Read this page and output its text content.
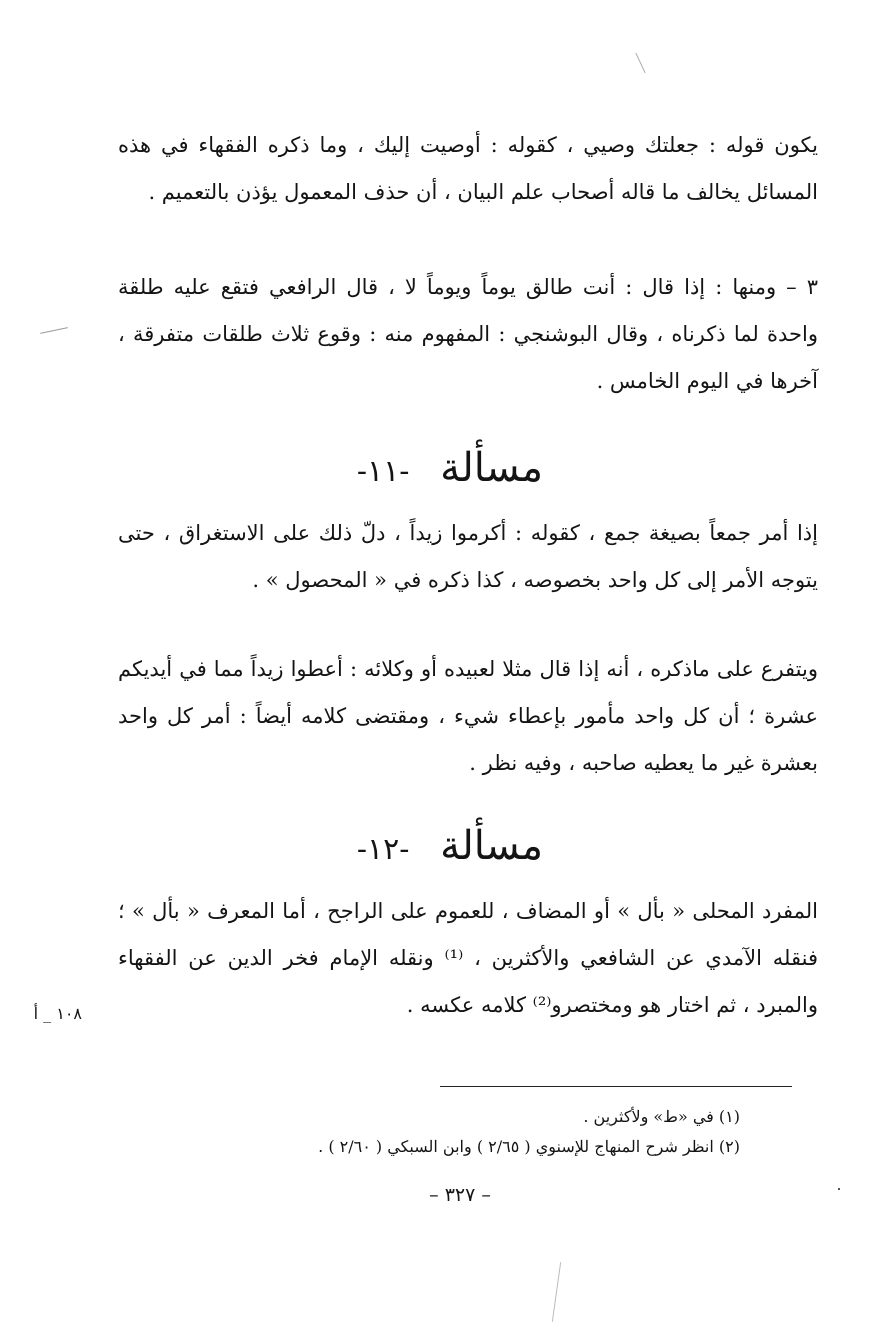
يكون قوله : جعلتك وصيي ، كقوله : أوصيت إليك ، وما ذكره الفقهاء في هذه المسائل يخالف ما قاله أصحاب علم البيان ، أن حذف المعمول يؤذن بالتعميم .

٣ – ومنها : إذا قال : أنت طالق يوماً ويوماً لا ، قال الرافعي فتقع عليه طلقة واحدة لما ذكرناه ، وقال البوشنجي : المفهوم منه : وقوع ثلاث طلقات متفرقة ، آخرها في اليوم الخامس .

مسألة -١١-

إذا أمر جمعاً بصيغة جمع ، كقوله : أكرموا زيداً ، دلّ ذلك على الاستغراق ، حتى يتوجه الأمر إلى كل واحد بخصوصه ، كذا ذكره في « المحصول » .

ويتفرع على ماذكره ، أنه إذا قال مثلا لعبيده أو وكلائه : أعطوا زيداً مما في أيديكم عشرة ؛ أن كل واحد مأمور بإعطاء شيء ، ومقتضى كلامه أيضاً : أمر كل واحد بعشرة غير ما يعطيه صاحبه ، وفيه نظر .

مسألة -١٢-

المفرد المحلى « بأل » أو المضاف ، للعموم على الراجح ، أما المعرف « بأل » ؛ فنقله الآمدي عن الشافعي والأكثرين ، ⁽¹⁾ ونقله الإمام فخر الدين عن الفقهاء والمبرد ، ثم اختار هو ومختصرو⁽²⁾ كلامه عكسه .

١٠٨ _ أ
(١) في «ط» ولأكثرين .
(٢) انظر شرح المنهاج للإسنوي ( ٢/٦٥ ) وابن السبكي ( ٢/٦٠ ) .
– ٣٢٧ –
